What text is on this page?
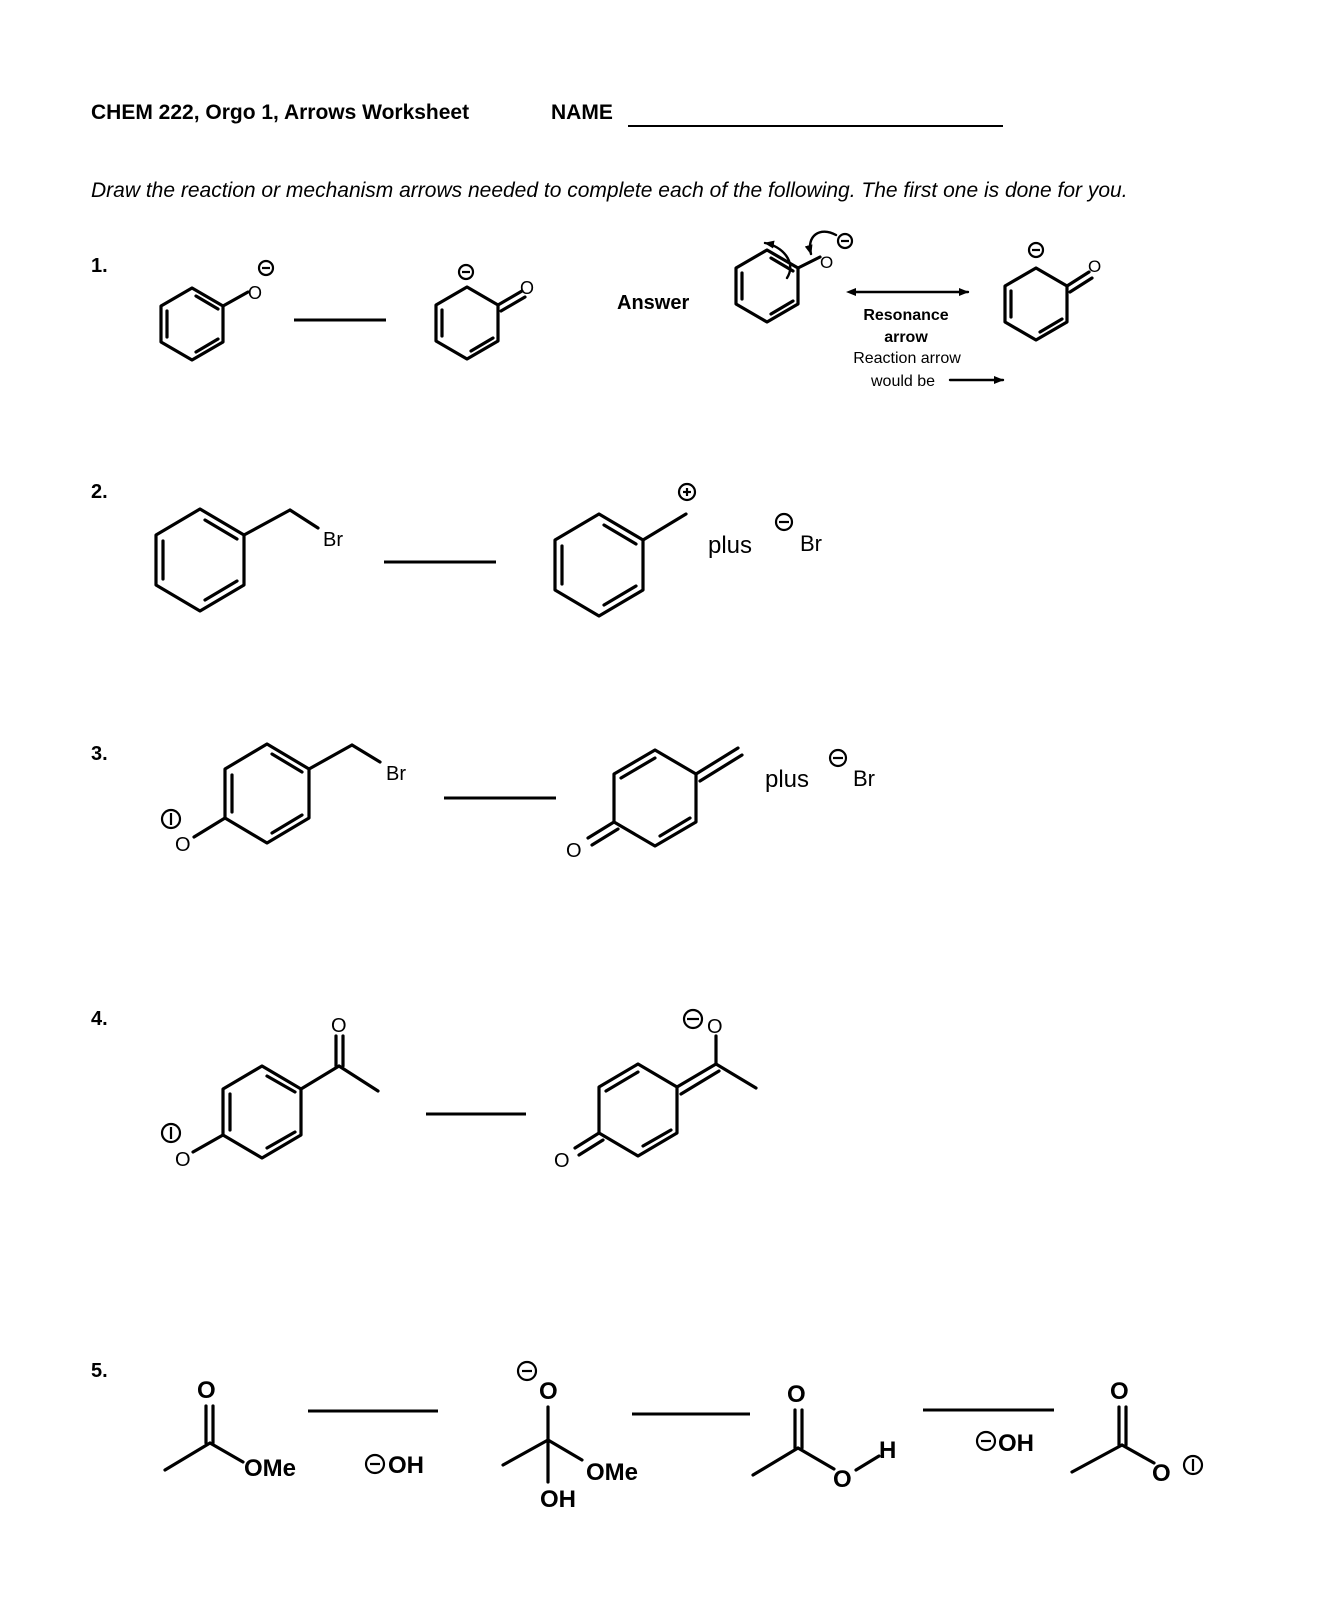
CHEM 222, Orgo 1, Arrows Worksheet	NAME
Draw the reaction or mechanism arrows needed to complete each of the following. The first one is done for you.
1.
2.
3.
4.
5.
O	O
Answer
O
Resonance
arrow
Reaction arrow
would be
O
Br	plus Br
Br
O	O
plus Br
O
O
O
O
O
OMe	OH
O
OMe
OH
O
O
H	OH
O
O
